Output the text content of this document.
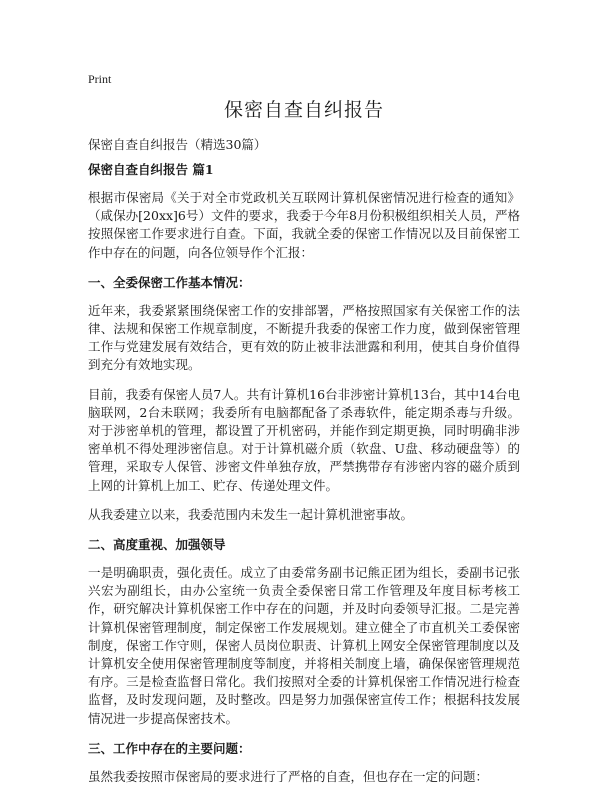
Print
保密自查自纠报告

保密自查自纠报告（精选30篇）

保密自查自纠报告 篇1

根据市保密局《关于对全市党政机关互联网计算机保密情况进行检查的通知》（咸保办[20xx]6号）文件的要求，我委于今年8月份积极组织相关人员，严格按照保密工作要求进行自查。下面，我就全委的保密工作情况以及目前保密工作中存在的问题，向各位领导作个汇报：

一、全委保密工作基本情况：

近年来，我委紧紧围绕保密工作的安排部署，严格按照国家有关保密工作的法律、法规和保密工作规章制度，不断提升我委的保密工作力度，做到保密管理工作与党建发展有效结合，更有效的防止被非法泄露和利用，使其自身价值得到充分有效地实现。

目前，我委有保密人员7人。共有计算机16台非涉密计算机13台，其中14台电脑联网，2台未联网；我委所有电脑都配备了杀毒软件，能定期杀毒与升级。对于涉密单机的管理，都设置了开机密码，并能作到定期更换，同时明确非涉密单机不得处理涉密信息。对于计算机磁介质（软盘、U盘、移动硬盘等）的管理，采取专人保管、涉密文件单独存放，严禁携带存有涉密内容的磁介质到上网的计算机上加工、贮存、传递处理文件。

从我委建立以来，我委范围内未发生一起计算机泄密事故。

二、高度重视、加强领导

一是明确职责，强化责任。成立了由委常务副书记熊正团为组长，委副书记张兴宏为副组长，由办公室统一负责全委保密日常工作管理及年度目标考核工作，研究解决计算机保密工作中存在的问题，并及时向委领导汇报。二是完善计算机保密管理制度，制定保密工作发展规划。建立健全了市直机关工委保密制度，保密工作守则，保密人员岗位职责、计算机上网安全保密管理制度以及计算机安全使用保密管理制度等制度，并将相关制度上墙，确保保密管理规范有序。三是检查监督日常化。我们按照对全委的计算机保密工作情况进行检查监督，及时发现问题，及时整改。四是努力加强保密宣传工作；根据科技发展情况进一步提高保密技术。

三、工作中存在的主要问题：

虽然我委按照市保密局的要求进行了严格的自查，但也存在一定的问题：
